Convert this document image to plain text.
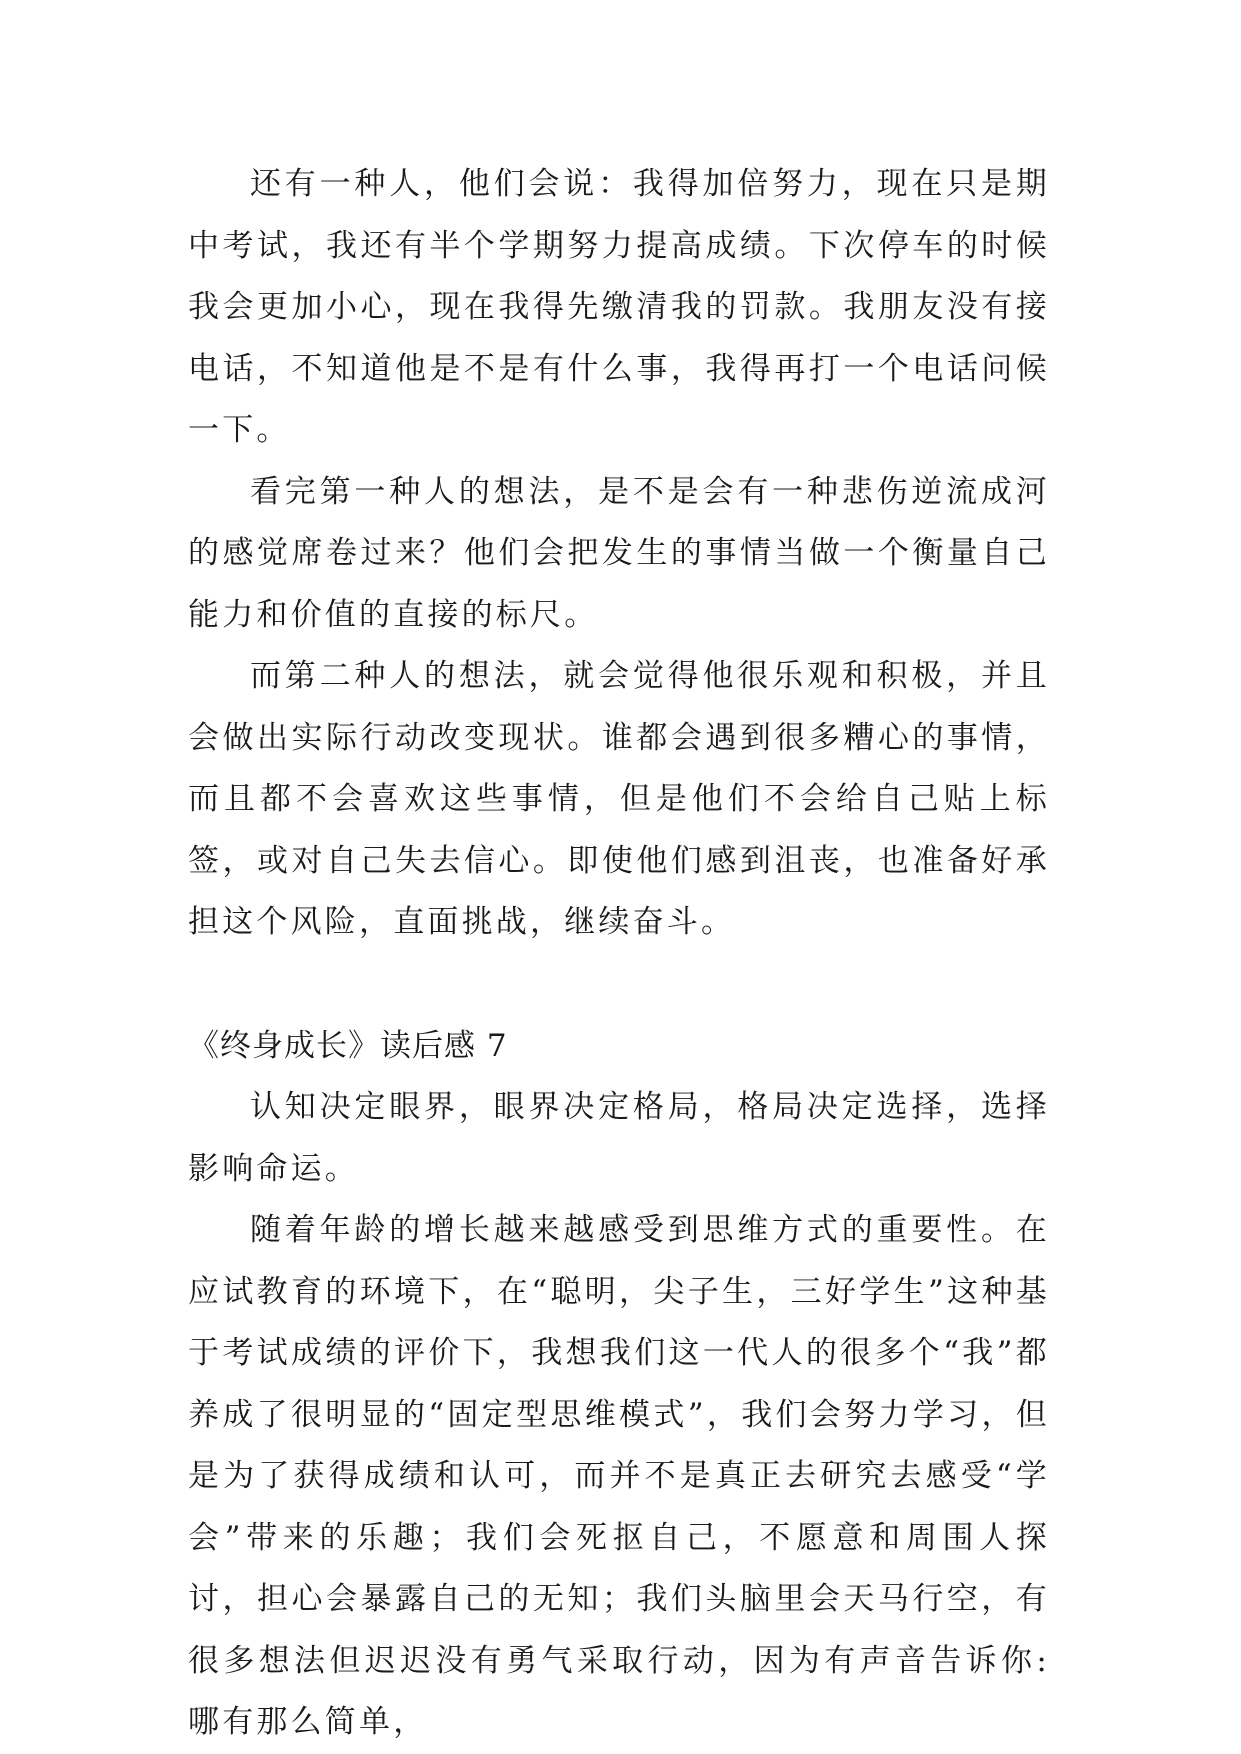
还有一种人，他们会说：我得加倍努力，现在只是期中考试，我还有半个学期努力提高成绩。下次停车的时候我会更加小心，现在我得先缴清我的罚款。我朋友没有接电话，不知道他是不是有什么事，我得再打一个电话问候一下。

看完第一种人的想法，是不是会有一种悲伤逆流成河的感觉席卷过来？他们会把发生的事情当做一个衡量自己能力和价值的直接的标尺。

而第二种人的想法，就会觉得他很乐观和积极，并且会做出实际行动改变现状。谁都会遇到很多糟心的事情，而且都不会喜欢这些事情，但是他们不会给自己贴上标签，或对自己失去信心。即使他们感到沮丧，也准备好承担这个风险，直面挑战，继续奋斗。

《终身成长》读后感 7

认知决定眼界，眼界决定格局，格局决定选择，选择影响命运。

随着年龄的增长越来越感受到思维方式的重要性。在应试教育的环境下，在“聪明，尖子生，三好学生”这种基于考试成绩的评价下，我想我们这一代人的很多个“我”都养成了很明显的“固定型思维模式”，我们会努力学习，但是为了获得成绩和认可，而并不是真正去研究去感受“学会”带来的乐趣；我们会死抠自己，不愿意和周围人探讨，担心会暴露自己的无知；我们头脑里会天马行空，有很多想法但迟迟没有勇气采取行动，因为有声音告诉你:哪有那么简单，
